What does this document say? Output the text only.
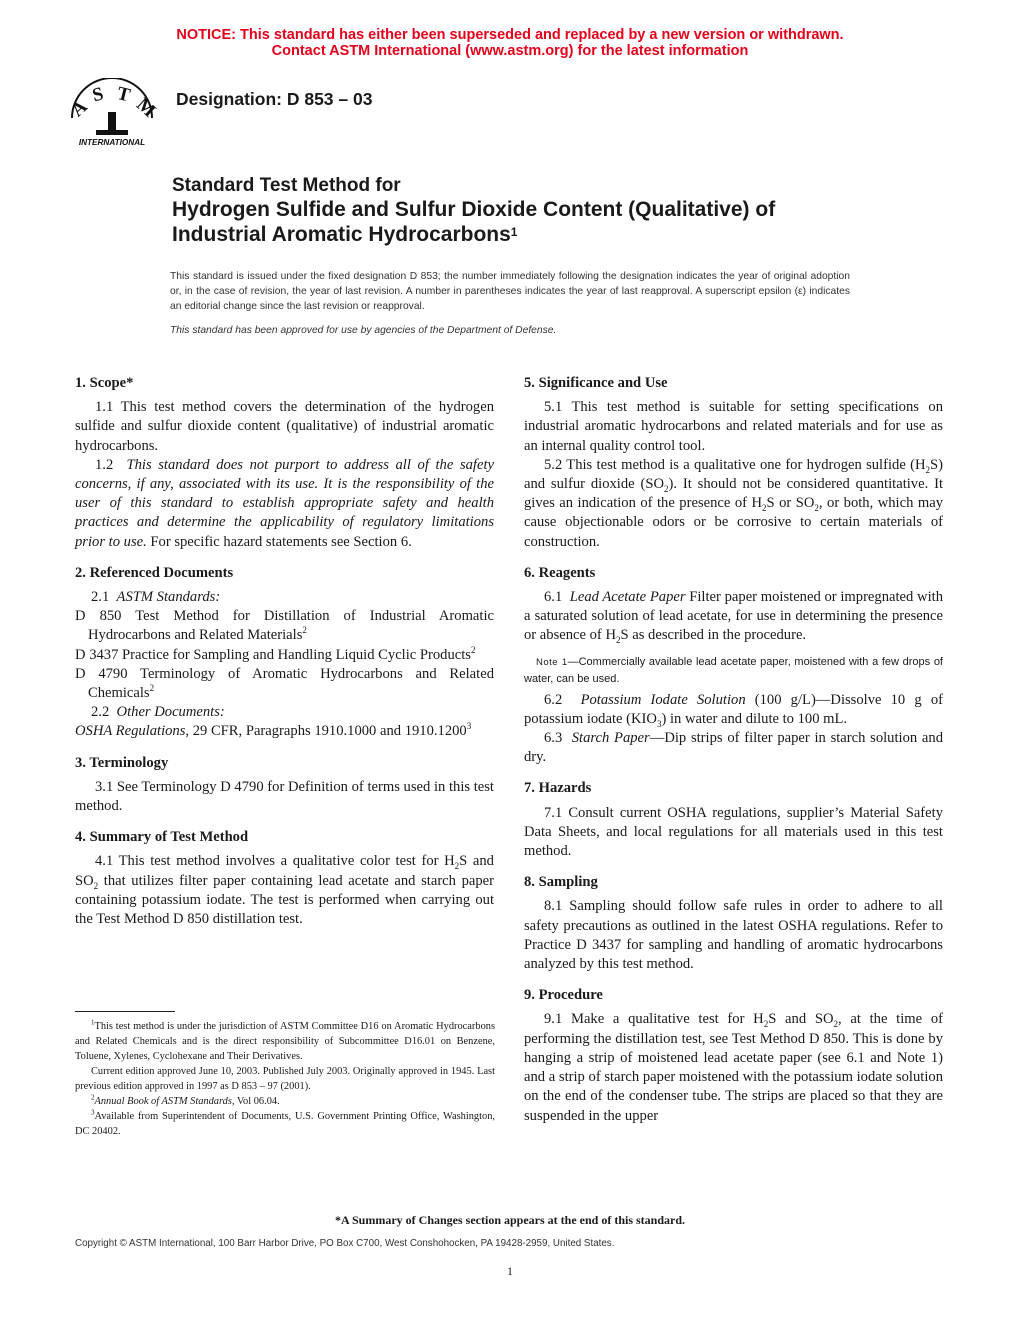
NOTICE: This standard has either been superseded and replaced by a new version or withdrawn.
Contact ASTM International (www.astm.org) for the latest information
A
S T M
INTERNATIONAL
Designation: D 853 – 03
Standard Test Method for
Hydrogen Sulfide and Sulfur Dioxide Content (Qualitative) of
Industrial Aromatic Hydrocarbons$^1$
This standard is issued under the fixed designation D 853; the number immediately following the designation indicates the year of original adoption or, in the case of revision, the year of last revision. A number in parentheses indicates the year of last reapproval. A superscript epsilon (ε) indicates an editorial change since the last revision or reapproval.
This standard has been approved for use by agencies of the Department of Defense.

1. Scope*

1.1 This test method covers the determination of the hydrogen sulfide and sulfur dioxide content (qualitative) of industrial aromatic hydrocarbons.

1.2 This standard does not purport to address all of the safety concerns, if any, associated with its use. It is the responsibility of the user of this standard to establish appropriate safety and health practices and determine the applicability of regulatory limitations prior to use. For specific hazard statements see Section 6.

2. Referenced Documents

2.1 ASTM Standards:

D 850 Test Method for Distillation of Industrial Aromatic Hydrocarbons and Related Materials$^2$

D 3437 Practice for Sampling and Handling Liquid Cyclic Products$^2$

D 4790 Terminology of Aromatic Hydrocarbons and Related Chemicals$^2$

2.2 Other Documents:

OSHA Regulations, 29 CFR, Paragraphs 1910.1000 and 1910.1200$^3$

3. Terminology

3.1 See Terminology D 4790 for Definition of terms used in this test method.

4. Summary of Test Method

4.1 This test method involves a qualitative color test for $H_2S$ and $SO_2$ that utilizes filter paper containing lead acetate and starch paper containing potassium iodate. The test is performed when carrying out the Test Method D 850 distillation test.

$^1$This test method is under the jurisdiction of ASTM Committee D16 on Aromatic Hydrocarbons and Related Chemicals and is the direct responsibility of Subcommittee D16.01 on Benzene, Toluene, Xylenes, Cyclohexane and Their Derivatives.

Current edition approved June 10, 2003. Published July 2003. Originally approved in 1945. Last previous edition approved in 1997 as D 853 – 97 (2001).

$^2$Annual Book of ASTM Standards, Vol 06.04.

$^3$Available from Superintendent of Documents, U.S. Government Printing Office, Washington, DC 20402.

5. Significance and Use

5.1 This test method is suitable for setting specifications on industrial aromatic hydrocarbons and related materials and for use as an internal quality control tool.

5.2 This test method is a qualitative one for hydrogen sulfide $(H_2S)$ and sulfur dioxide $(SO_2)$. It should not be considered quantitative. It gives an indication of the presence of $H_2S$ or $SO_2$, or both, which may cause objectionable odors or be corrosive to certain materials of construction.

6. Reagents

6.1 Lead Acetate Paper Filter paper moistened or impregnated with a saturated solution of lead acetate, for use in determining the presence or absence of $H_2S$ as described in the procedure.

Note 1—Commercially available lead acetate paper, moistened with a few drops of water, can be used.

6.2 Potassium Iodate Solution (100 g/L)—Dissolve 10 g of potassium iodate $(KIO_3)$ in water and dilute to 100 mL.

6.3 Starch Paper—Dip strips of filter paper in starch solution and dry.

7. Hazards

7.1 Consult current OSHA regulations, supplier’s Material Safety Data Sheets, and local regulations for all materials used in this test method.

8. Sampling

8.1 Sampling should follow safe rules in order to adhere to all safety precautions as outlined in the latest OSHA regulations. Refer to Practice D 3437 for sampling and handling of aromatic hydrocarbons analyzed by this test method.

9. Procedure

9.1 Make a qualitative test for $H_2S$ and $SO_2$, at the time of performing the distillation test, see Test Method D 850. This is done by hanging a strip of moistened lead acetate paper (see 6.1 and Note 1) and a strip of starch paper moistened with the potassium iodate solution on the end of the condenser tube. The strips are placed so that they are suspended in the upper

*A Summary of Changes section appears at the end of this standard.
Copyright © ASTM International, 100 Barr Harbor Drive, PO Box C700, West Conshohocken, PA 19428-2959, United States.
1
